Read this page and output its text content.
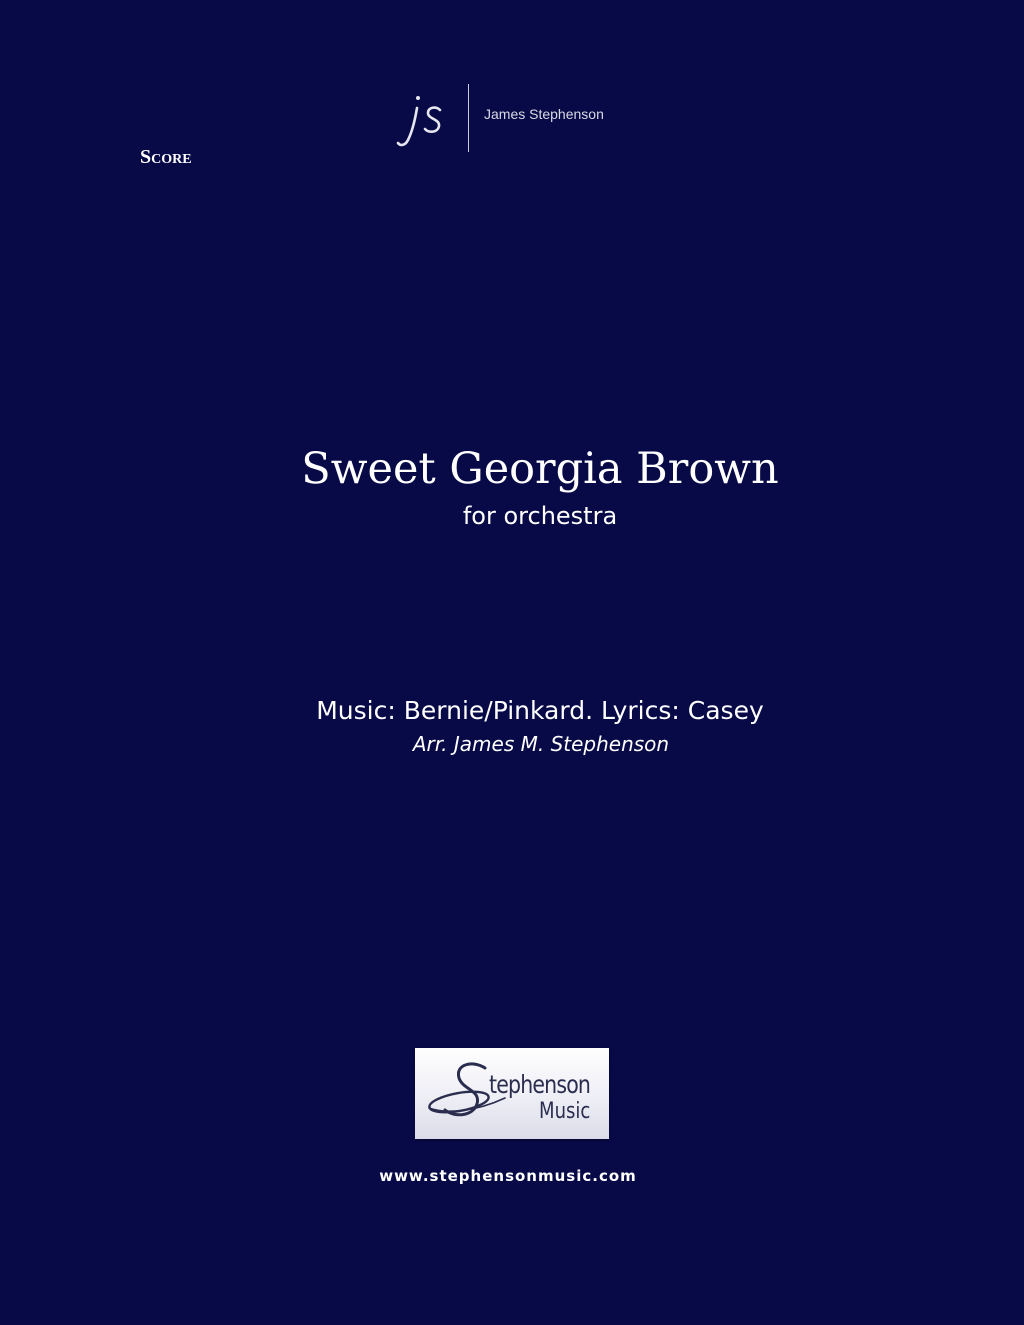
James Stephenson
Score
Sweet Georgia Brown
for orchestra
Music: Bernie/Pinkard. Lyrics: Casey
Arr. James M. Stephenson
tephenson
Music
www.stephensonmusic.com
